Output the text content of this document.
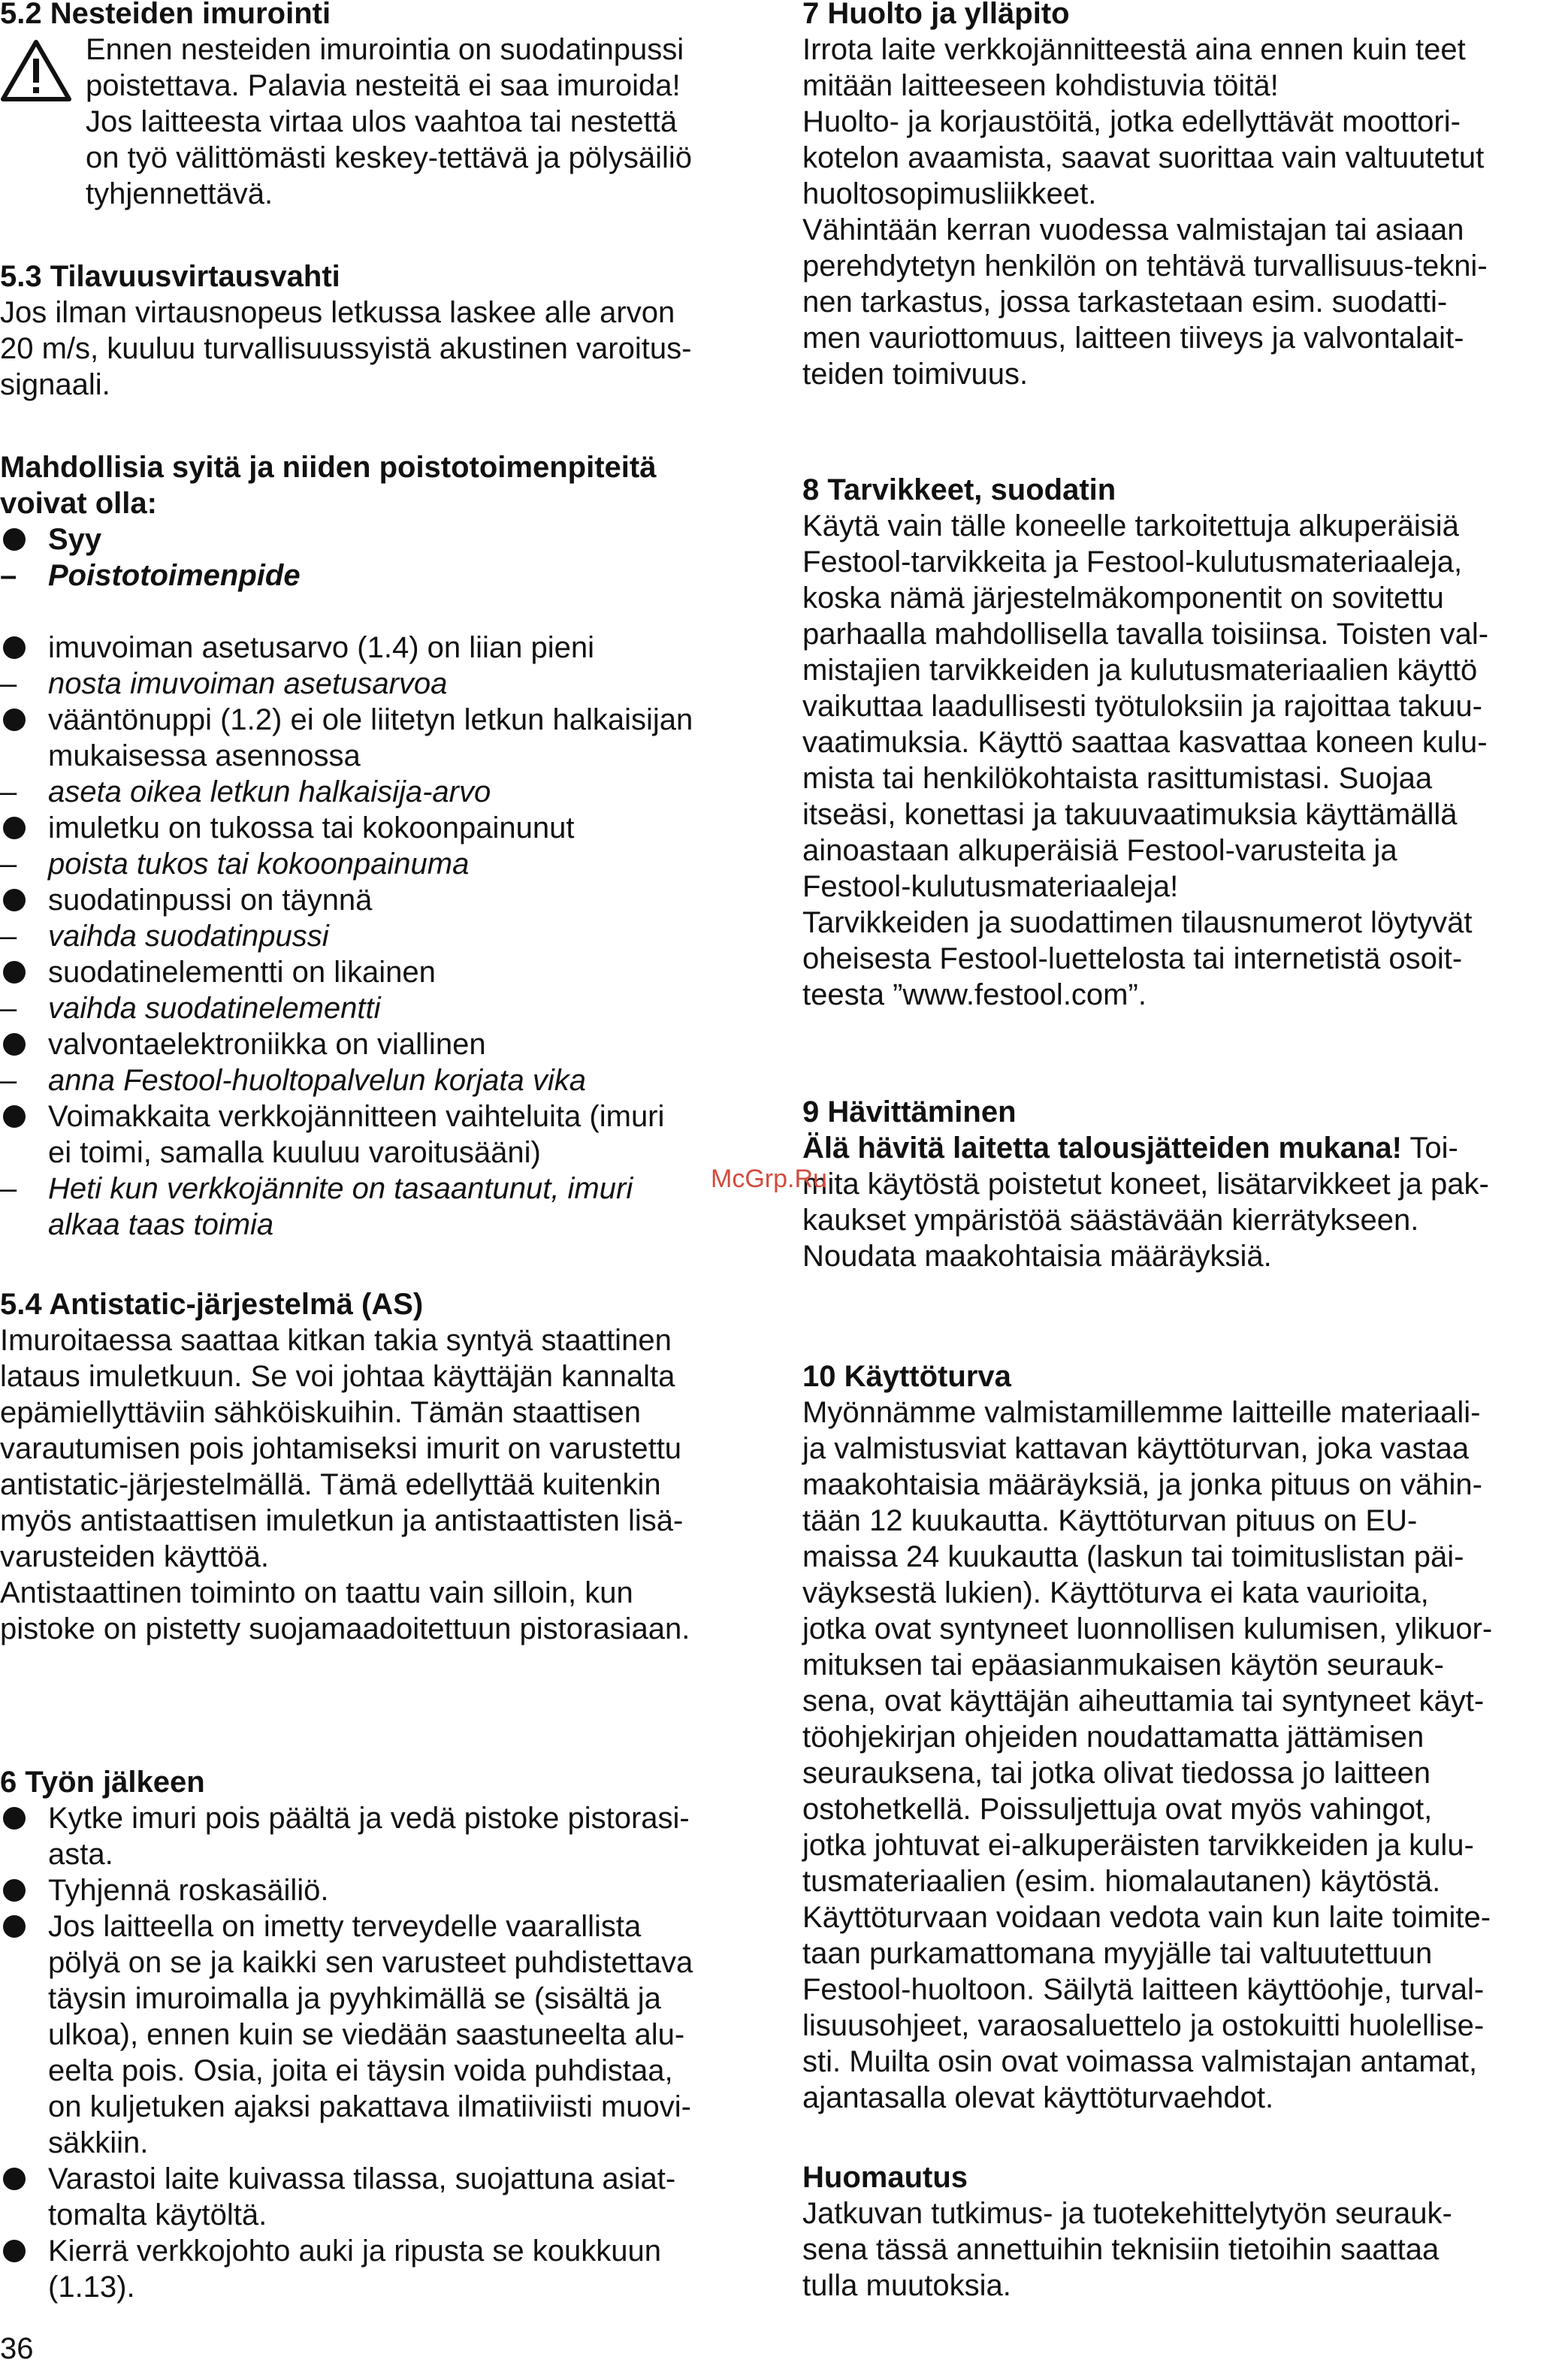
5.2 Nesteiden imurointi
Ennen nesteiden imurointia on suodatinpussi
poistettava. Palavia nesteitä ei saa imuroida!
Jos laitteesta virtaa ulos vaahtoa tai nestettä
on työ välittömästi keskey-tettävä ja pölysäiliö
tyhjennettävä.
5.3 Tilavuusvirtausvahti
Jos ilman virtausnopeus letkussa laskee alle arvon
20 m/s, kuuluu turvallisuussyistä akustinen varoitus-
signaali.
Mahdollisia syitä ja niiden poistotoimenpiteitä
voivat olla:
Syy
– Poistotoimenpide
imuvoiman asetusarvo (1.4) on liian pieni
– nosta imuvoiman asetusarvoa
vääntönuppi (1.2) ei ole liitetyn letkun halkaisijan
mukaisessa asennossa
– aseta oikea letkun halkaisija-arvo
imuletku on tukossa tai kokoonpainunut
– poista tukos tai kokoonpainuma
suodatinpussi on täynnä
– vaihda suodatinpussi
suodatinelementti on likainen
– vaihda suodatinelementti
valvontaelektroniikka on viallinen
– anna Festool-huoltopalvelun korjata vika
Voimakkaita verkkojännitteen vaihteluita (imuri
ei toimi, samalla kuuluu varoitusääni)
– Heti kun verkkojännite on tasaantunut, imuri
alkaa taas toimia
5.4 Antistatic-järjestelmä (AS)
Imuroitaessa saattaa kitkan takia syntyä staattinen
lataus imuletkuun. Se voi johtaa käyttäjän kannalta
epämiellyttäviin sähköiskuihin. Tämän staattisen
varautumisen pois johtamiseksi imurit on varustettu
antistatic-järjestelmällä. Tämä edellyttää kuitenkin
myös antistaattisen imuletkun ja antistaattisten lisä-
varusteiden käyttöä.
Antistaattinen toiminto on taattu vain silloin, kun
pistoke on pistetty suojamaadoitettuun pistorasiaan.
6 Työn jälkeen
Kytke imuri pois päältä ja vedä pistoke pistorasi-
asta.
Tyhjennä roskasäiliö.
Jos laitteella on imetty terveydelle vaarallista
pölyä on se ja kaikki sen varusteet puhdistettava
täysin imuroimalla ja pyyhkimällä se (sisältä ja
ulkoa), ennen kuin se viedään saastuneelta alu-
eelta pois. Osia, joita ei täysin voida puhdistaa,
on kuljetuken ajaksi pakattava ilmatiiviisti muovi-
säkkiin.
Varastoi laite kuivassa tilassa, suojattuna asiat-
tomalta käytöltä.
Kierrä verkkojohto auki ja ripusta se koukkuun
(1.13).
36
7 Huolto ja ylläpito
Irrota laite verkkojännitteestä aina ennen kuin teet
mitään laitteeseen kohdistuvia töitä!
Huolto- ja korjaustöitä, jotka edellyttävät moottori-
kotelon avaamista, saavat suorittaa vain valtuutetut
huoltosopimusliikkeet.
Vähintään kerran vuodessa valmistajan tai asiaan
perehdytetyn henkilön on tehtävä turvallisuus-tekni-
nen tarkastus, jossa tarkastetaan esim. suodatti-
men vauriottomuus, laitteen tiiveys ja valvontalait-
teiden toimivuus.
8 Tarvikkeet, suodatin
Käytä vain tälle koneelle tarkoitettuja alkuperäisiä
Festool-tarvikkeita ja Festool-kulutusmateriaaleja,
koska nämä järjestelmäkomponentit on sovitettu
parhaalla mahdollisella tavalla toisiinsa. Toisten val-
mistajien tarvikkeiden ja kulutusmateriaalien käyttö
vaikuttaa laadullisesti työtuloksiin ja rajoittaa takuu-
vaatimuksia. Käyttö saattaa kasvattaa koneen kulu-
mista tai henkilökohtaista rasittumistasi. Suojaa
itseäsi, konettasi ja takuuvaatimuksia käyttämällä
ainoastaan alkuperäisiä Festool-varusteita ja
Festool-kulutusmateriaaleja!
Tarvikkeiden ja suodattimen tilausnumerot löytyvät
oheisesta Festool-luettelosta tai internetistä osoit-
teesta ”www.festool.com”.
9 Hävittäminen
Älä hävitä laitetta talousjätteiden mukana! Toi-
mita käytöstä poistetut koneet, lisätarvikkeet ja pak-
kaukset ympäristöä säästävään kierrätykseen.
Noudata maakohtaisia määräyksiä.
10 Käyttöturva
Myönnämme valmistamillemme laitteille materiaali-
ja valmistusviat kattavan käyttöturvan, joka vastaa
maakohtaisia määräyksiä, ja jonka pituus on vähin-
tään 12 kuukautta. Käyttöturvan pituus on EU-
maissa 24 kuukautta (laskun tai toimituslistan päi-
väyksestä lukien). Käyttöturva ei kata vaurioita,
jotka ovat syntyneet luonnollisen kulumisen, ylikuor-
mituksen tai epäasianmukaisen käytön seurauk-
sena, ovat käyttäjän aiheuttamia tai syntyneet käyt-
töohjekirjan ohjeiden noudattamatta jättämisen
seurauksena, tai jotka olivat tiedossa jo laitteen
ostohetkellä. Poissuljettuja ovat myös vahingot,
jotka johtuvat ei-alkuperäisten tarvikkeiden ja kulu-
tusmateriaalien (esim. hiomalautanen) käytöstä.
Käyttöturvaan voidaan vedota vain kun laite toimite-
taan purkamattomana myyjälle tai valtuutettuun
Festool-huoltoon. Säilytä laitteen käyttöohje, turval-
lisuusohjeet, varaosaluettelo ja ostokuitti huolellise-
sti. Muilta osin ovat voimassa valmistajan antamat,
ajantasalla olevat käyttöturvaehdot.
Huomautus
Jatkuvan tutkimus- ja tuotekehittelytyön seurauk-
sena tässä annettuihin teknisiin tietoihin saattaa
tulla muutoksia.
McGrp.Ru
